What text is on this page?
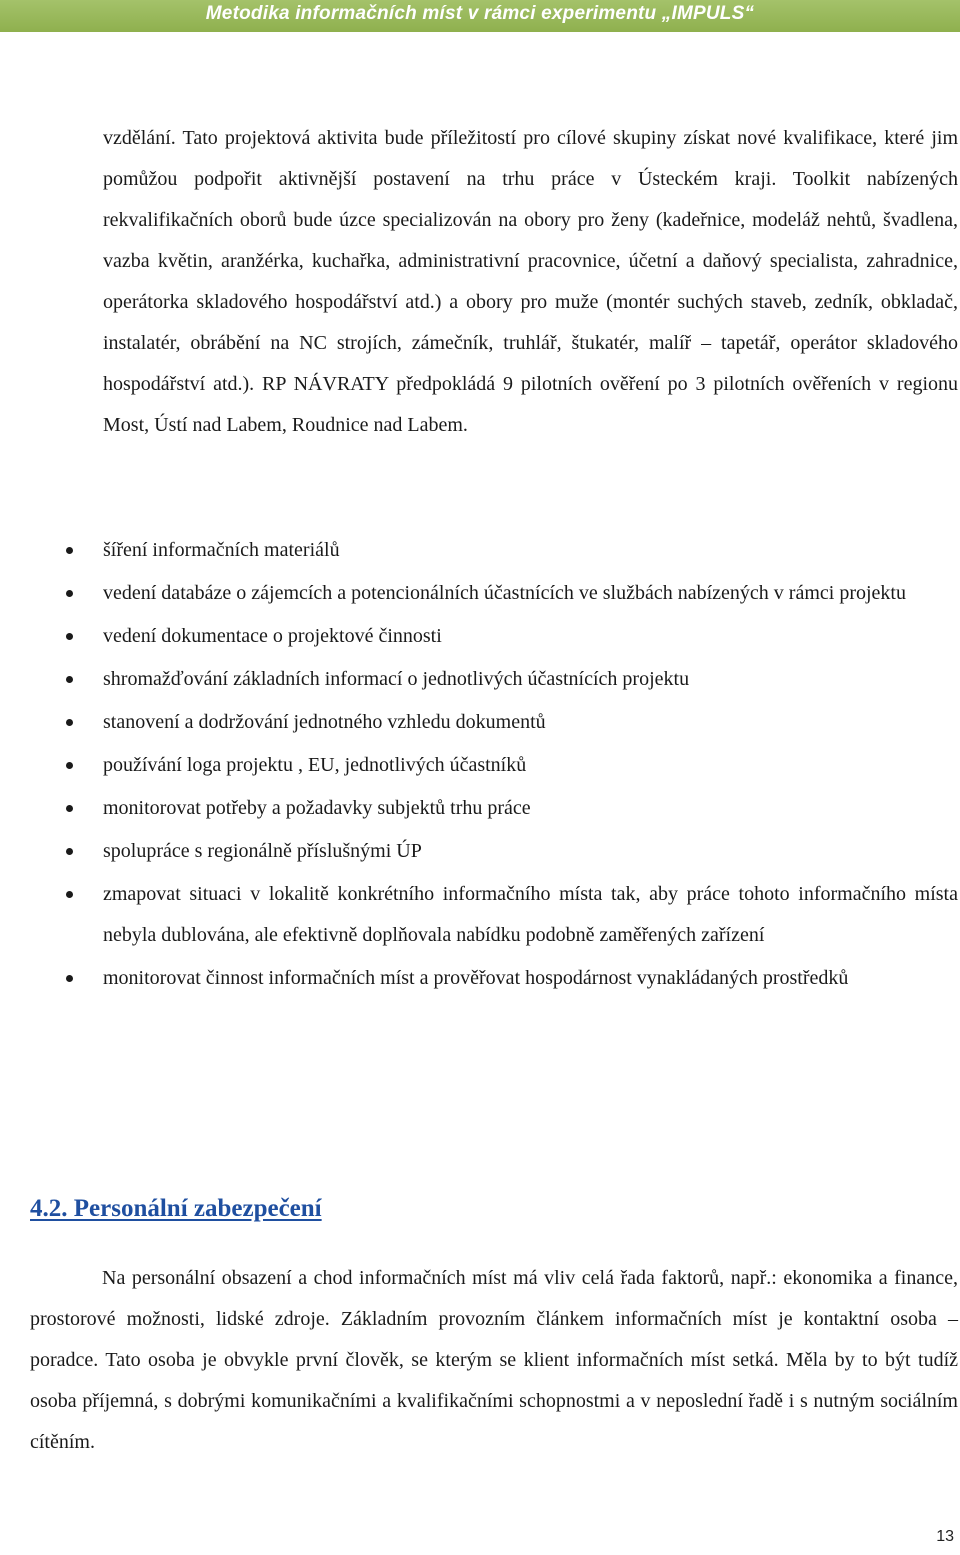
Metodika informačních míst v rámci experimentu „IMPULS“

vzdělání. Tato projektová aktivita bude příležitostí pro cílové skupiny získat nové kvalifikace, které jim pomůžou podpořit aktivnější postavení na trhu práce v Ústeckém kraji. Toolkit nabízených rekvalifikačních oborů bude úzce specializován na obory pro ženy (kadeřnice, modeláž nehtů, švadlena, vazba květin, aranžérka, kuchařka, administrativní pracovnice, účetní a daňový specialista, zahradnice, operátorka skladového hospodářství atd.) a obory pro muže (montér suchých staveb, zedník, obkladač, instalatér, obrábění na NC strojích, zámečník, truhlář, štukatér, malíř – tapetář, operátor skladového hospodářství atd.). RP NÁVRATY předpokládá 9 pilotních ověření po 3 pilotních ověřeních v regionu Most, Ústí nad Labem, Roudnice nad Labem.

šíření informačních materiálů
vedení databáze o zájemcích a potencionálních účastnících ve službách nabízených v rámci projektu
vedení dokumentace o projektové činnosti
shromažďování základních informací o jednotlivých účastnících projektu
stanovení a dodržování jednotného vzhledu dokumentů
používání loga projektu , EU, jednotlivých účastníků
monitorovat potřeby a požadavky subjektů trhu práce
spolupráce s regionálně příslušnými ÚP
zmapovat situaci v lokalitě konkrétního informačního místa tak, aby práce tohoto informačního místa nebyla dublována, ale efektivně doplňovala nabídku podobně zaměřených zařízení
monitorovat činnost informačních míst a prověřovat hospodárnost vynakládaných prostředků
4.2. Personální zabezpečení

Na personální obsazení a chod informačních míst má vliv celá řada faktorů, např.: ekonomika a finance, prostorové možnosti, lidské zdroje. Základním provozním článkem informačních míst je kontaktní osoba – poradce. Tato osoba je obvykle první člověk, se kterým se klient informačních míst setká. Měla by to být tudíž osoba příjemná, s dobrými komunikačními a kvalifikačními schopnostmi a v neposlední řadě i s nutným sociálním cítěním.

13
